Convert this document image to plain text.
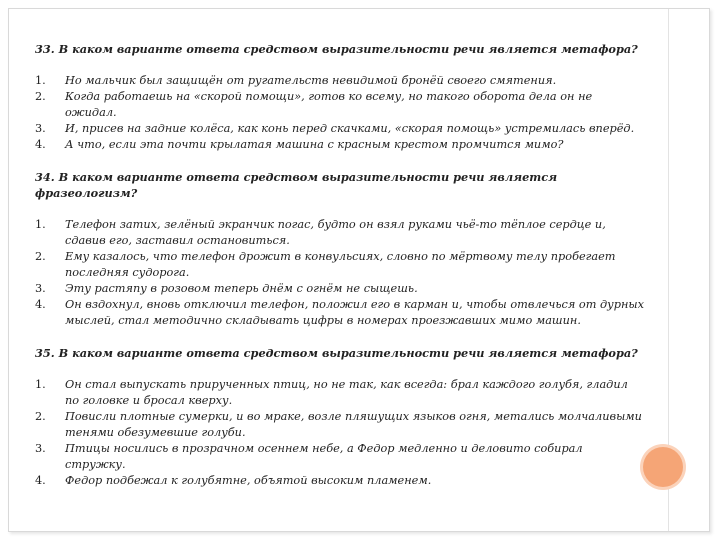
33. В каком варианте ответа средством выразительности речи является метафора?
1. Но мальчик был защищён от ругательств невидимой бронёй своего смятения.
2. Когда работаешь на «скорой помощи», готов ко всему, но такого оборота дела он не ожидал.
3. И, присев на задние колёса, как конь перед скачками, «скорая помощь» устремилась вперёд.
4. А что, если эта почти крылатая машина с красным крестом промчится мимо?
34. В каком варианте ответа средством выразительности речи является фразеологизм?
1. Телефон затих, зелёный экранчик погас, будто он взял руками чьё-то тёплое сердце и, сдавив его, заставил остановиться.
2. Ему казалось, что телефон дрожит в конвульсиях, словно по мёртвому телу пробегает последняя судорога.
3. Эту растяпу в розовом теперь днём с огнём не сыщешь.
4. Он вздохнул, вновь отключил телефон, положил его в карман и, чтобы отвлечься от дурных мыслей, стал методично складывать цифры в номерах проезжавших мимо машин.
35. В каком варианте ответа средством выразительности речи является метафора?
1. Он стал выпускать прирученных птиц, но не так, как всегда: брал каждого голубя, гладил по головке и бросал кверху.
2. Повисли плотные сумерки, и во мраке, возле пляшущих языков огня, метались молчаливыми тенями обезумевшие голуби.
3. Птицы носились в прозрачном осеннем небе, а Федор медленно и деловито собирал стружку.
4. Федор подбежал к голубятне, объятой высоким пламенем.
